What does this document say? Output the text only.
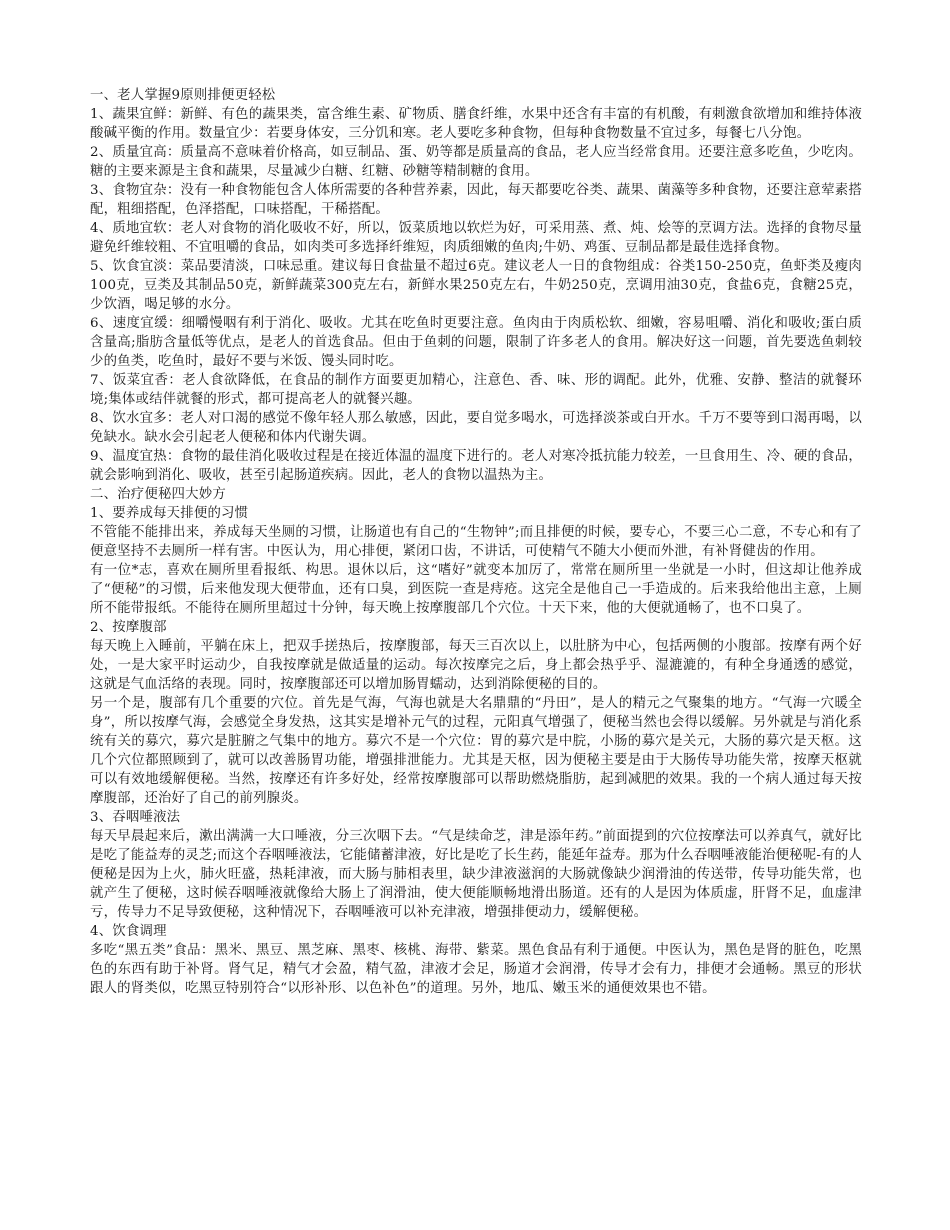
一、老人掌握9原则排便更轻松

1、蔬果宜鲜：新鲜、有色的蔬果类，富含维生素、矿物质、膳食纤维，水果中还含有丰富的有机酸，有刺激食欲增加和维持体液酸碱平衡的作用。数量宜少：若要身体安，三分饥和寒。老人要吃多种食物，但每种食物数量不宜过多，每餐七八分饱。

2、质量宜高：质量高不意味着价格高，如豆制品、蛋、奶等都是质量高的食品，老人应当经常食用。还要注意多吃鱼，少吃肉。糖的主要来源是主食和蔬果，尽量减少白糖、红糖、砂糖等精制糖的食用。

3、食物宜杂：没有一种食物能包含人体所需要的各种营养素，因此，每天都要吃谷类、蔬果、菌藻等多种食物，还要注意荤素搭配，粗细搭配，色泽搭配，口味搭配，干稀搭配。

4、质地宜软：老人对食物的消化吸收不好，所以，饭菜质地以软烂为好，可采用蒸、煮、炖、烩等的烹调方法。选择的食物尽量避免纤维较粗、不宜咀嚼的食品，如肉类可多选择纤维短，肉质细嫩的鱼肉;牛奶、鸡蛋、豆制品都是最佳选择食物。

5、饮食宜淡：菜品要清淡，口味忌重。建议每日食盐量不超过6克。建议老人一日的食物组成：谷类150-250克，鱼虾类及瘦肉100克，豆类及其制品50克，新鲜蔬菜300克左右，新鲜水果250克左右，牛奶250克，烹调用油30克，食盐6克，食糖25克，少饮酒，喝足够的水分。

6、速度宜缓：细嚼慢咽有利于消化、吸收。尤其在吃鱼时更要注意。鱼肉由于肉质松软、细嫩，容易咀嚼、消化和吸收;蛋白质含量高;脂肪含量低等优点，是老人的首选食品。但由于鱼刺的问题，限制了许多老人的食用。解决好这一问题，首先要选鱼刺较少的鱼类，吃鱼时，最好不要与米饭、馒头同时吃。

7、饭菜宜香：老人食欲降低，在食品的制作方面要更加精心，注意色、香、味、形的调配。此外，优雅、安静、整洁的就餐环境;集体或结伴就餐的形式，都可提高老人的就餐兴趣。

8、饮水宜多：老人对口渴的感觉不像年轻人那么敏感，因此，要自觉多喝水，可选择淡茶或白开水。千万不要等到口渴再喝，以免缺水。缺水会引起老人便秘和体内代谢失调。

9、温度宜热：食物的最佳消化吸收过程是在接近体温的温度下进行的。老人对寒冷抵抗能力较差，一旦食用生、冷、硬的食品，就会影响到消化、吸收，甚至引起肠道疾病。因此，老人的食物以温热为主。

二、治疗便秘四大妙方

1、要养成每天排便的习惯

不管能不能排出来，养成每天坐厕的习惯，让肠道也有自己的“生物钟”;而且排便的时候，要专心，不要三心二意，不专心和有了便意坚持不去厕所一样有害。中医认为，用心排便，紧闭口齿，不讲话，可使精气不随大小便而外泄，有补肾健齿的作用。

有一位*志，喜欢在厕所里看报纸、构思。退休以后，这“嗜好”就变本加厉了，常常在厕所里一坐就是一小时，但这却让他养成了“便秘”的习惯，后来他发现大便带血，还有口臭，到医院一查是痔疮。这完全是他自己一手造成的。后来我给他出主意，上厕所不能带报纸。不能待在厕所里超过十分钟，每天晚上按摩腹部几个穴位。十天下来，他的大便就通畅了，也不口臭了。

2、按摩腹部

每天晚上入睡前，平躺在床上，把双手搓热后，按摩腹部，每天三百次以上，以肚脐为中心，包括两侧的小腹部。按摩有两个好处，一是大家平时运动少，自我按摩就是做适量的运动。每次按摩完之后，身上都会热乎乎、湿漉漉的，有种全身通透的感觉，这就是气血活络的表现。同时，按摩腹部还可以增加肠胃蠕动，达到消除便秘的目的。

另一个是，腹部有几个重要的穴位。首先是气海，气海也就是大名鼎鼎的“丹田”，是人的精元之气聚集的地方。“气海一穴暖全身”，所以按摩气海，会感觉全身发热，这其实是增补元气的过程，元阳真气增强了，便秘当然也会得以缓解。另外就是与消化系统有关的募穴，募穴是脏腑之气集中的地方。募穴不是一个穴位：胃的募穴是中脘，小肠的募穴是关元，大肠的募穴是天枢。这几个穴位都照顾到了，就可以改善肠胃功能，增强排泄能力。尤其是天枢，因为便秘主要是由于大肠传导功能失常，按摩天枢就可以有效地缓解便秘。当然，按摩还有许多好处，经常按摩腹部可以帮助燃烧脂肪，起到减肥的效果。我的一个病人通过每天按摩腹部，还治好了自己的前列腺炎。

3、吞咽唾液法

每天早晨起来后，漱出满满一大口唾液，分三次咽下去。“气是续命芝，津是添年药。”前面提到的穴位按摩法可以养真气，就好比是吃了能益寿的灵芝;而这个吞咽唾液法，它能储蓄津液，好比是吃了长生药，能延年益寿。那为什么吞咽唾液能治便秘呢-有的人便秘是因为上火，肺火旺盛，热耗津液，而大肠与肺相表里，缺少津液滋润的大肠就像缺少润滑油的传送带，传导功能失常，也就产生了便秘，这时候吞咽唾液就像给大肠上了润滑油，使大便能顺畅地滑出肠道。还有的人是因为体质虚，肝肾不足，血虚津亏，传导力不足导致便秘，这种情况下，吞咽唾液可以补充津液，增强排便动力，缓解便秘。

4、饮食调理

多吃“黑五类”食品：黑米、黑豆、黑芝麻、黑枣、核桃、海带、紫菜。黑色食品有利于通便。中医认为，黑色是肾的脏色，吃黑色的东西有助于补肾。肾气足，精气才会盈，精气盈，津液才会足，肠道才会润滑，传导才会有力，排便才会通畅。黑豆的形状跟人的肾类似，吃黑豆特别符合“以形补形、以色补色”的道理。另外，地瓜、嫩玉米的通便效果也不错。
